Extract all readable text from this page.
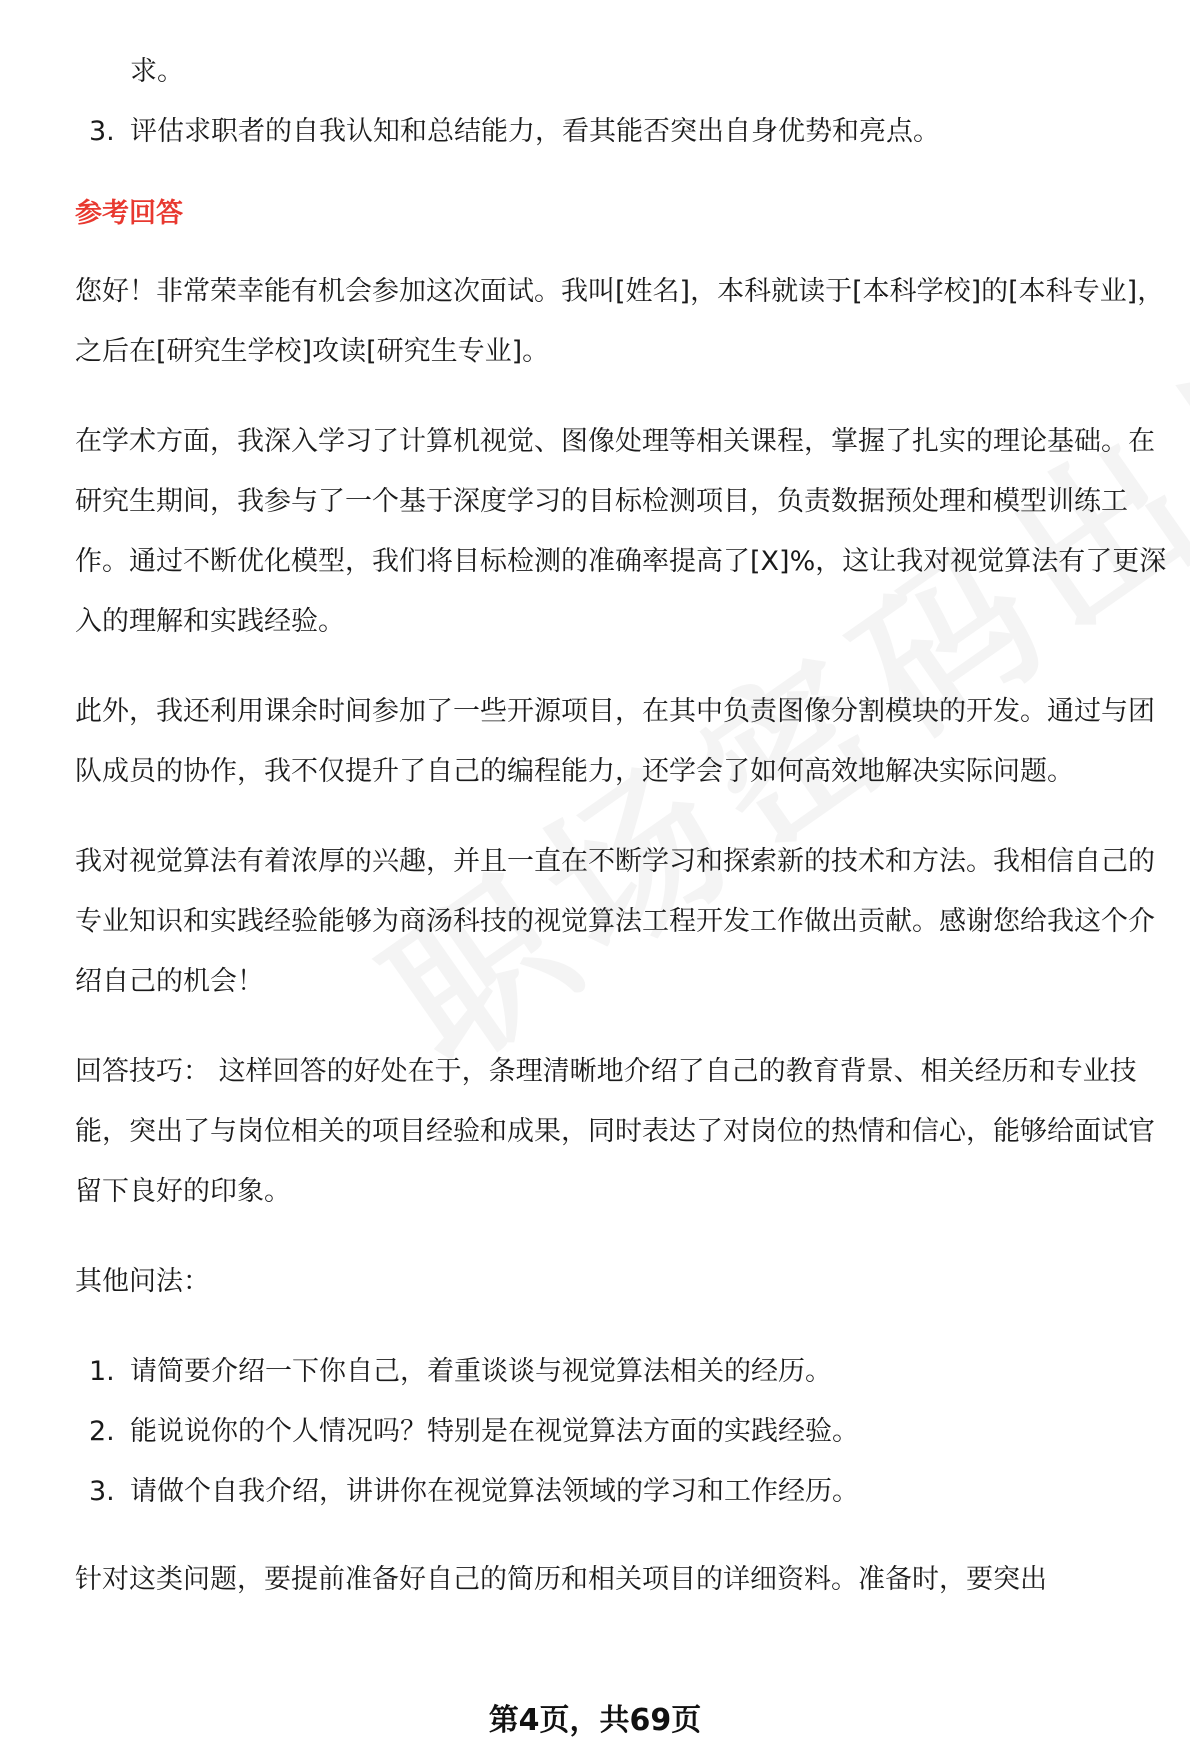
求。
3. 评估求职者的自我认知和总结能力，看其能否突出自身优势和亮点。
参考回答

您好！非常荣幸能有机会参加这次面试。我叫[姓名]，本科就读于[本科学校]的[本科专业]，之后在[研究生学校]攻读[研究生专业]。

在学术方面，我深入学习了计算机视觉、图像处理等相关课程，掌握了扎实的理论基础。在研究生期间，我参与了一个基于深度学习的目标检测项目，负责数据预处理和模型训练工作。通过不断优化模型，我们将目标检测的准确率提高了[X]%，这让我对视觉算法有了更深入的理解和实践经验。

此外，我还利用课余时间参加了一些开源项目，在其中负责图像分割模块的开发。通过与团队成员的协作，我不仅提升了自己的编程能力，还学会了如何高效地解决实际问题。

我对视觉算法有着浓厚的兴趣，并且一直在不断学习和探索新的技术和方法。我相信自己的专业知识和实践经验能够为商汤科技的视觉算法工程开发工作做出贡献。感谢您给我这个介绍自己的机会！

回答技巧： 这样回答的好处在于，条理清晰地介绍了自己的教育背景、相关经历和专业技能，突出了与岗位相关的项目经验和成果，同时表达了对岗位的热情和信心，能够给面试官留下良好的印象。

其他问法：

1. 请简要介绍一下你自己，着重谈谈与视觉算法相关的经历。
2. 能说说你的个人情况吗？特别是在视觉算法方面的实践经验。
3. 请做个自我介绍，讲讲你在视觉算法领域的学习和工作经历。

针对这类问题，要提前准备好自己的简历和相关项目的详细资料。准备时，要突出

第4页，共69页
